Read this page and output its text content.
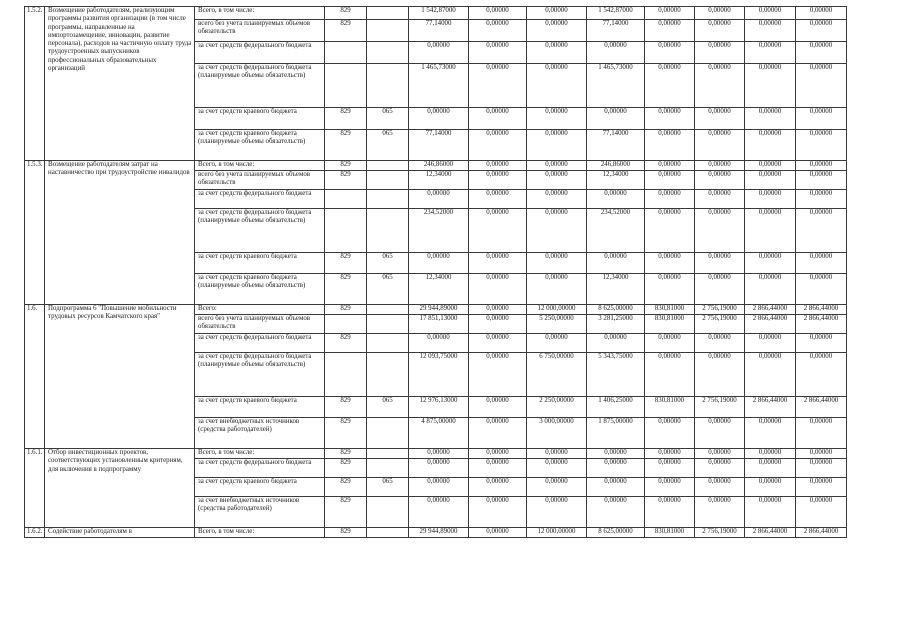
1.5.2.	Возмещение работодателям, реализующим программы развития организации (в том числе программы, направленные на импортозамещение, инновации, развитие персонала), расходов на частичную оплату труда трудоустроенных выпускников профессиональных образовательных организаций	Всего, в том числе:	829		1 542,87000	0,00000	0,00000	1 542,87000	0,00000	0,00000	0,00000	0,00000
		всего без учета планируемых объемов обязательств	829		77,14000	0,00000	0,00000	77,14000	0,00000	0,00000	0,00000	0,00000
		за счет средств федерального бюджета			0,00000	0,00000	0,00000	0,00000	0,00000	0,00000	0,00000	0,00000
		за счет средств федерального бюджета (планируемые объемы обязательств)			1 465,73000	0,00000	0,00000	1 465,73000	0,00000	0,00000	0,00000	0,00000
		за счет средств краевого бюджета	829	065	0,00000	0,00000	0,00000	0,00000	0,00000	0,00000	0,00000	0,00000
		за счет средств краевого бюджета (планируемые объемы обязательств)	829	065	77,14000	0,00000	0,00000	77,14000	0,00000	0,00000	0,00000	0,00000
1.5.3.	Возмещение работодателям затрат на наставничество при трудоустройстве инвалидов	Всего, в том числе:	829		246,86000	0,00000	0,00000	246,86000	0,00000	0,00000	0,00000	0,00000
		всего без учета планируемых объемов обязательств	829		12,34000	0,00000	0,00000	12,34000	0,00000	0,00000	0,00000	0,00000
		за счет средств федерального бюджета			0,00000	0,00000	0,00000	0,00000	0,00000	0,00000	0,00000	0,00000
		за счет средств федерального бюджета (планируемые объемы обязательств)			234,52000	0,00000	0,00000	234,52000	0,00000	0,00000	0,00000	0,00000
		за счет средств краевого бюджета	829	065	0,00000	0,00000	0,00000	0,00000	0,00000	0,00000	0,00000	0,00000
		за счет средств краевого бюджета (планируемые объемы обязательств)	829	065	12,34000	0,00000	0,00000	12,34000	0,00000	0,00000	0,00000	0,00000
1.6.	Подпрограмма 6 "Повышение мобильности трудовых ресурсов Камчатского края"	Всего:	829		29 944,89000	0,00000	12 000,00000	8 625,00000	830,81000	2 756,19000	2 866,44000	2 866,44000
		всего без учета планируемых объемов обязательств			17 851,13000	0,00000	5 250,00000	3 281,25000	830,81000	2 756,19000	2 866,44000	2 866,44000
		за счет средств федерального бюджета	829		0,00000	0,00000	0,00000	0,00000	0,00000	0,00000	0,00000	0,00000
		за счет средств федерального бюджета (планируемые объемы обязательств)			12 093,75000	0,00000	6 750,00000	5 343,75000	0,00000	0,00000	0,00000	0,00000
		за счет средств краевого бюджета	829	065	12 976,13000	0,00000	2 250,00000	1 406,25000	830,81000	2 756,19000	2 866,44000	2 866,44000
		за счет внебюджетных источников (средства работодателей)	829		4 875,00000	0,00000	3 000,00000	1 875,00000	0,00000	0,00000	0,00000	0,00000
1.6.1.	Отбор инвестиционных проектов, соответствующих установленным критериям, для включения в подпрограмму	Всего, в том числе:	829		0,00000	0,00000	0,00000	0,00000	0,00000	0,00000	0,00000	0,00000
		за счет средств федерального бюджета	829		0,00000	0,00000	0,00000	0,00000	0,00000	0,00000	0,00000	0,00000
		за счет средств краевого бюджета	829	065	0,00000	0,00000	0,00000	0,00000	0,00000	0,00000	0,00000	0,00000
		за счет внебюджетных источников (средства работодателей)	829		0,00000	0,00000	0,00000	0,00000	0,00000	0,00000	0,00000	0,00000
1.6.2.	Содействие работодателям в	Всего, в том числе:	829		29 944,89000	0,00000	12 000,00000	8 625,00000	830,81000	2 756,19000	2 866,44000	2 866,44000
